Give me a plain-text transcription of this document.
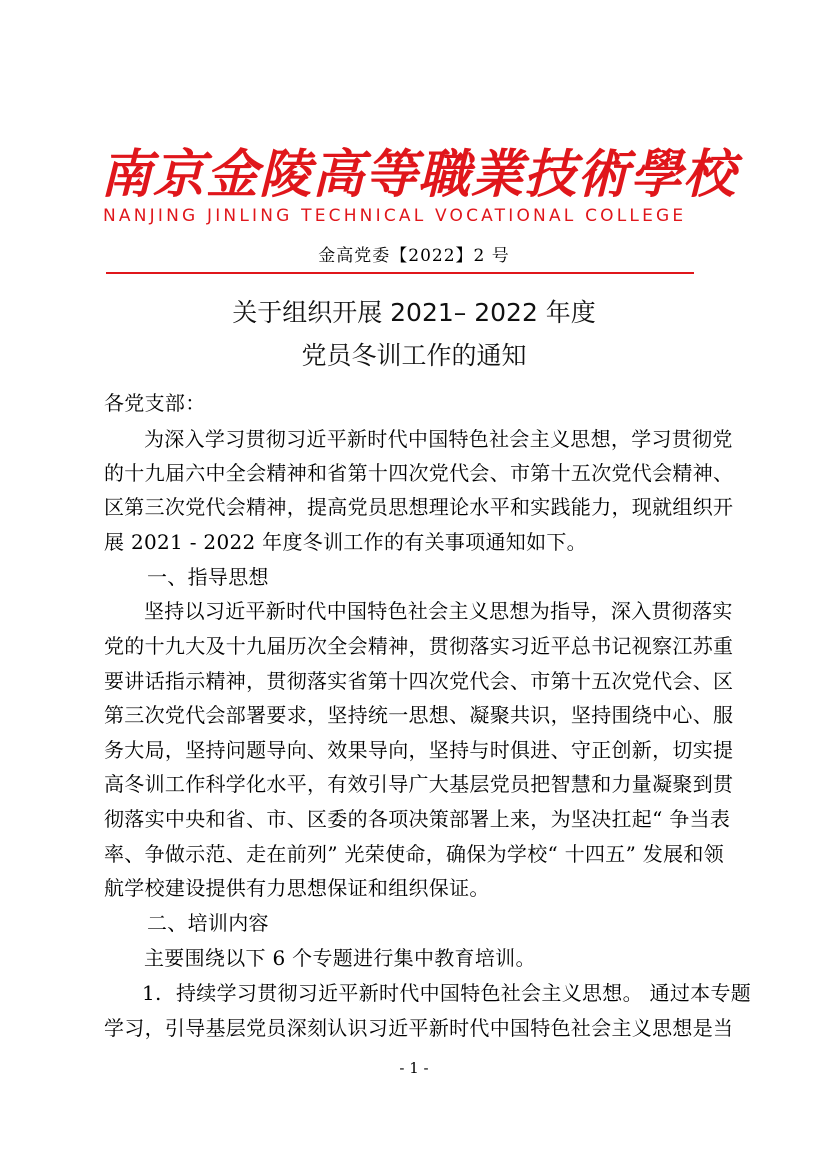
南京金陵高等職業技術學校
NANJING JINLING TECHNICAL VOCATIONAL COLLEGE
金高党委【2022】2 号
关于组织开展 2021– 2022 年度
党员冬训工作的通知
各党支部：
为深入学习贯彻习近平新时代中国特色社会主义思想，学习贯彻党
的十九届六中全会精神和省第十四次党代会、市第十五次党代会精神、
区第三次党代会精神，提高党员思想理论水平和实践能力，现就组织开
展 2021 - 2022 年度冬训工作的有关事项通知如下。
一、指导思想
坚持以习近平新时代中国特色社会主义思想为指导，深入贯彻落实
党的十九大及十九届历次全会精神，贯彻落实习近平总书记视察江苏重
要讲话指示精神，贯彻落实省第十四次党代会、市第十五次党代会、区
第三次党代会部署要求，坚持统一思想、凝聚共识，坚持围绕中心、服
务大局，坚持问题导向、效果导向，坚持与时俱进、守正创新，切实提
高冬训工作科学化水平，有效引导广大基层党员把智慧和力量凝聚到贯
彻落实中央和省、市、区委的各项决策部署上来，为坚决扛起“ 争当表
率、争做示范、走在前列” 光荣使命，确保为学校“ 十四五” 发展和领
航学校建设提供有力思想保证和组织保证。
二、培训内容
主要围绕以下 6 个专题进行集中教育培训。
1. 持续学习贯彻习近平新时代中国特色社会主义思想。 通过本专题
学习，引导基层党员深刻认识习近平新时代中国特色社会主义思想是当
- 1 -
